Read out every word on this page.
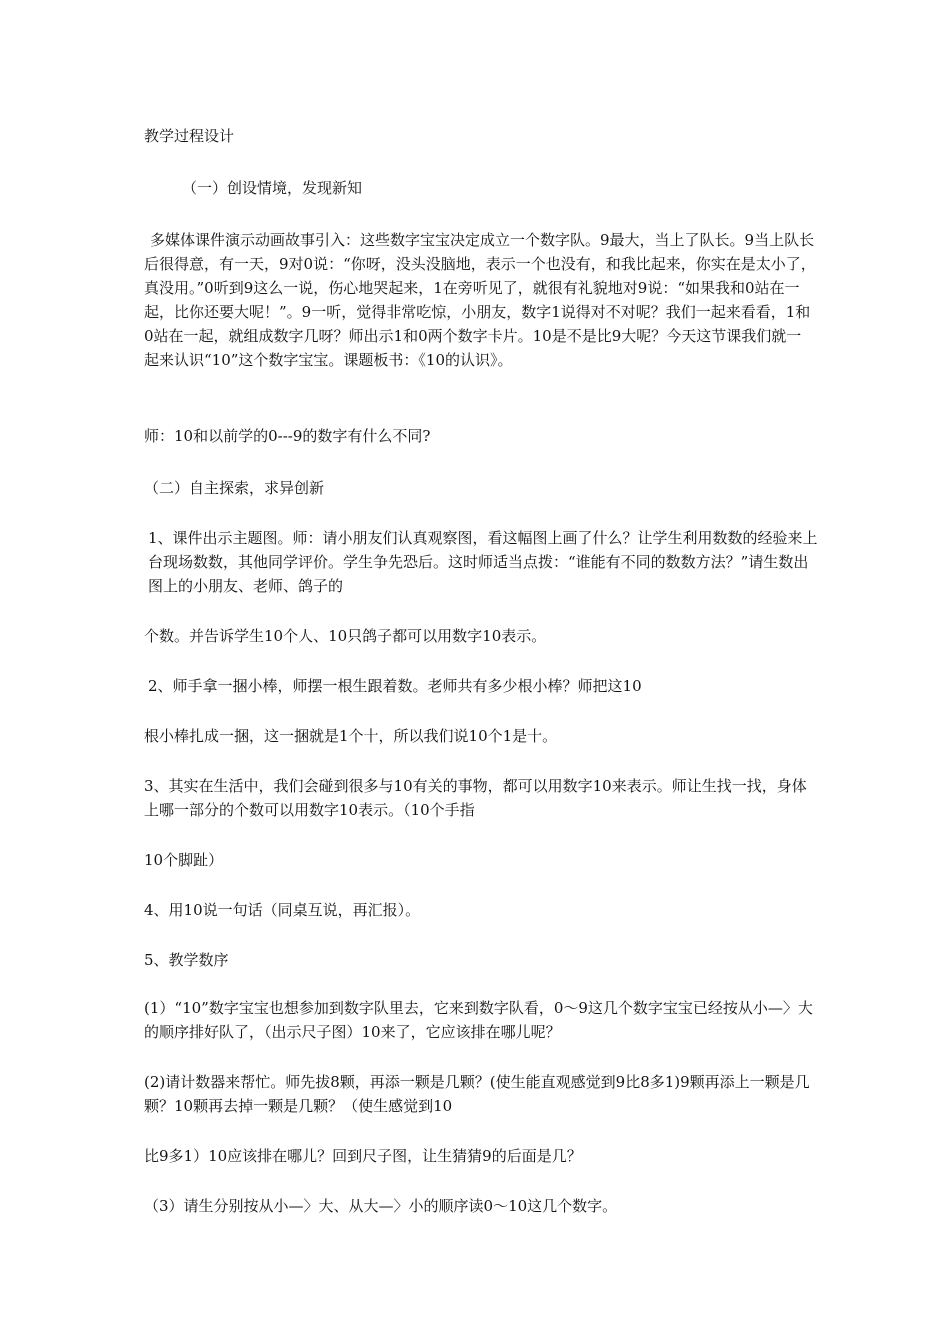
教学过程设计

（一）创设情境，发现新知

多媒体课件演示动画故事引入：这些数字宝宝决定成立一个数字队。9最大，当上了队长。9当上队长后很得意，有一天，9对0说：“你呀，没头没脑地，表示一个也没有，和我比起来，你实在是太小了，真没用。”0听到9这么一说，伤心地哭起来，1在旁听见了，就很有礼貌地对9说：“如果我和0站在一起，比你还要大呢！”。9一听，觉得非常吃惊，小朋友，数字1说得对不对呢？我们一起来看看，1和0站在一起，就组成数字几呀？师出示1和0两个数字卡片。10是不是比9大呢？今天这节课我们就一起来认识“10”这个数字宝宝。课题板书：《10的认识》。

师：10和以前学的0---9的数字有什么不同?

（二）自主探索，求异创新

1、课件出示主题图。师：请小朋友们认真观察图，看这幅图上画了什么？让学生利用数数的经验来上台现场数数，其他同学评价。学生争先恐后。这时师适当点拨：“谁能有不同的数数方法？”请生数出图上的小朋友、老师、鸽子的

个数。并告诉学生10个人、10只鸽子都可以用数字10表示。

2、师手拿一捆小棒，师摆一根生跟着数。老师共有多少根小棒？师把这10

根小棒扎成一捆，这一捆就是1个十，所以我们说10个1是十。

3、其实在生活中，我们会碰到很多与10有关的事物，都可以用数字10来表示。师让生找一找，身体上哪一部分的个数可以用数字10表示。（10个手指

10个脚趾）

4、用10说一句话（同桌互说，再汇报）。

5、教学数序

(1）“10”数字宝宝也想参加到数字队里去，它来到数字队看，0～9这几个数字宝宝已经按从小—〉大的顺序排好队了，（出示尺子图）10来了，它应该排在哪儿呢？

(2)请计数器来帮忙。师先拔8颗，再添一颗是几颗？(使生能直观感觉到9比8多1)9颗再添上一颗是几颗？10颗再去掉一颗是几颗？（使生感觉到10

比9多1）10应该排在哪儿？回到尺子图，让生猜猜9的后面是几？

（3）请生分别按从小—〉大、从大—〉小的顺序读0～10这几个数字。
